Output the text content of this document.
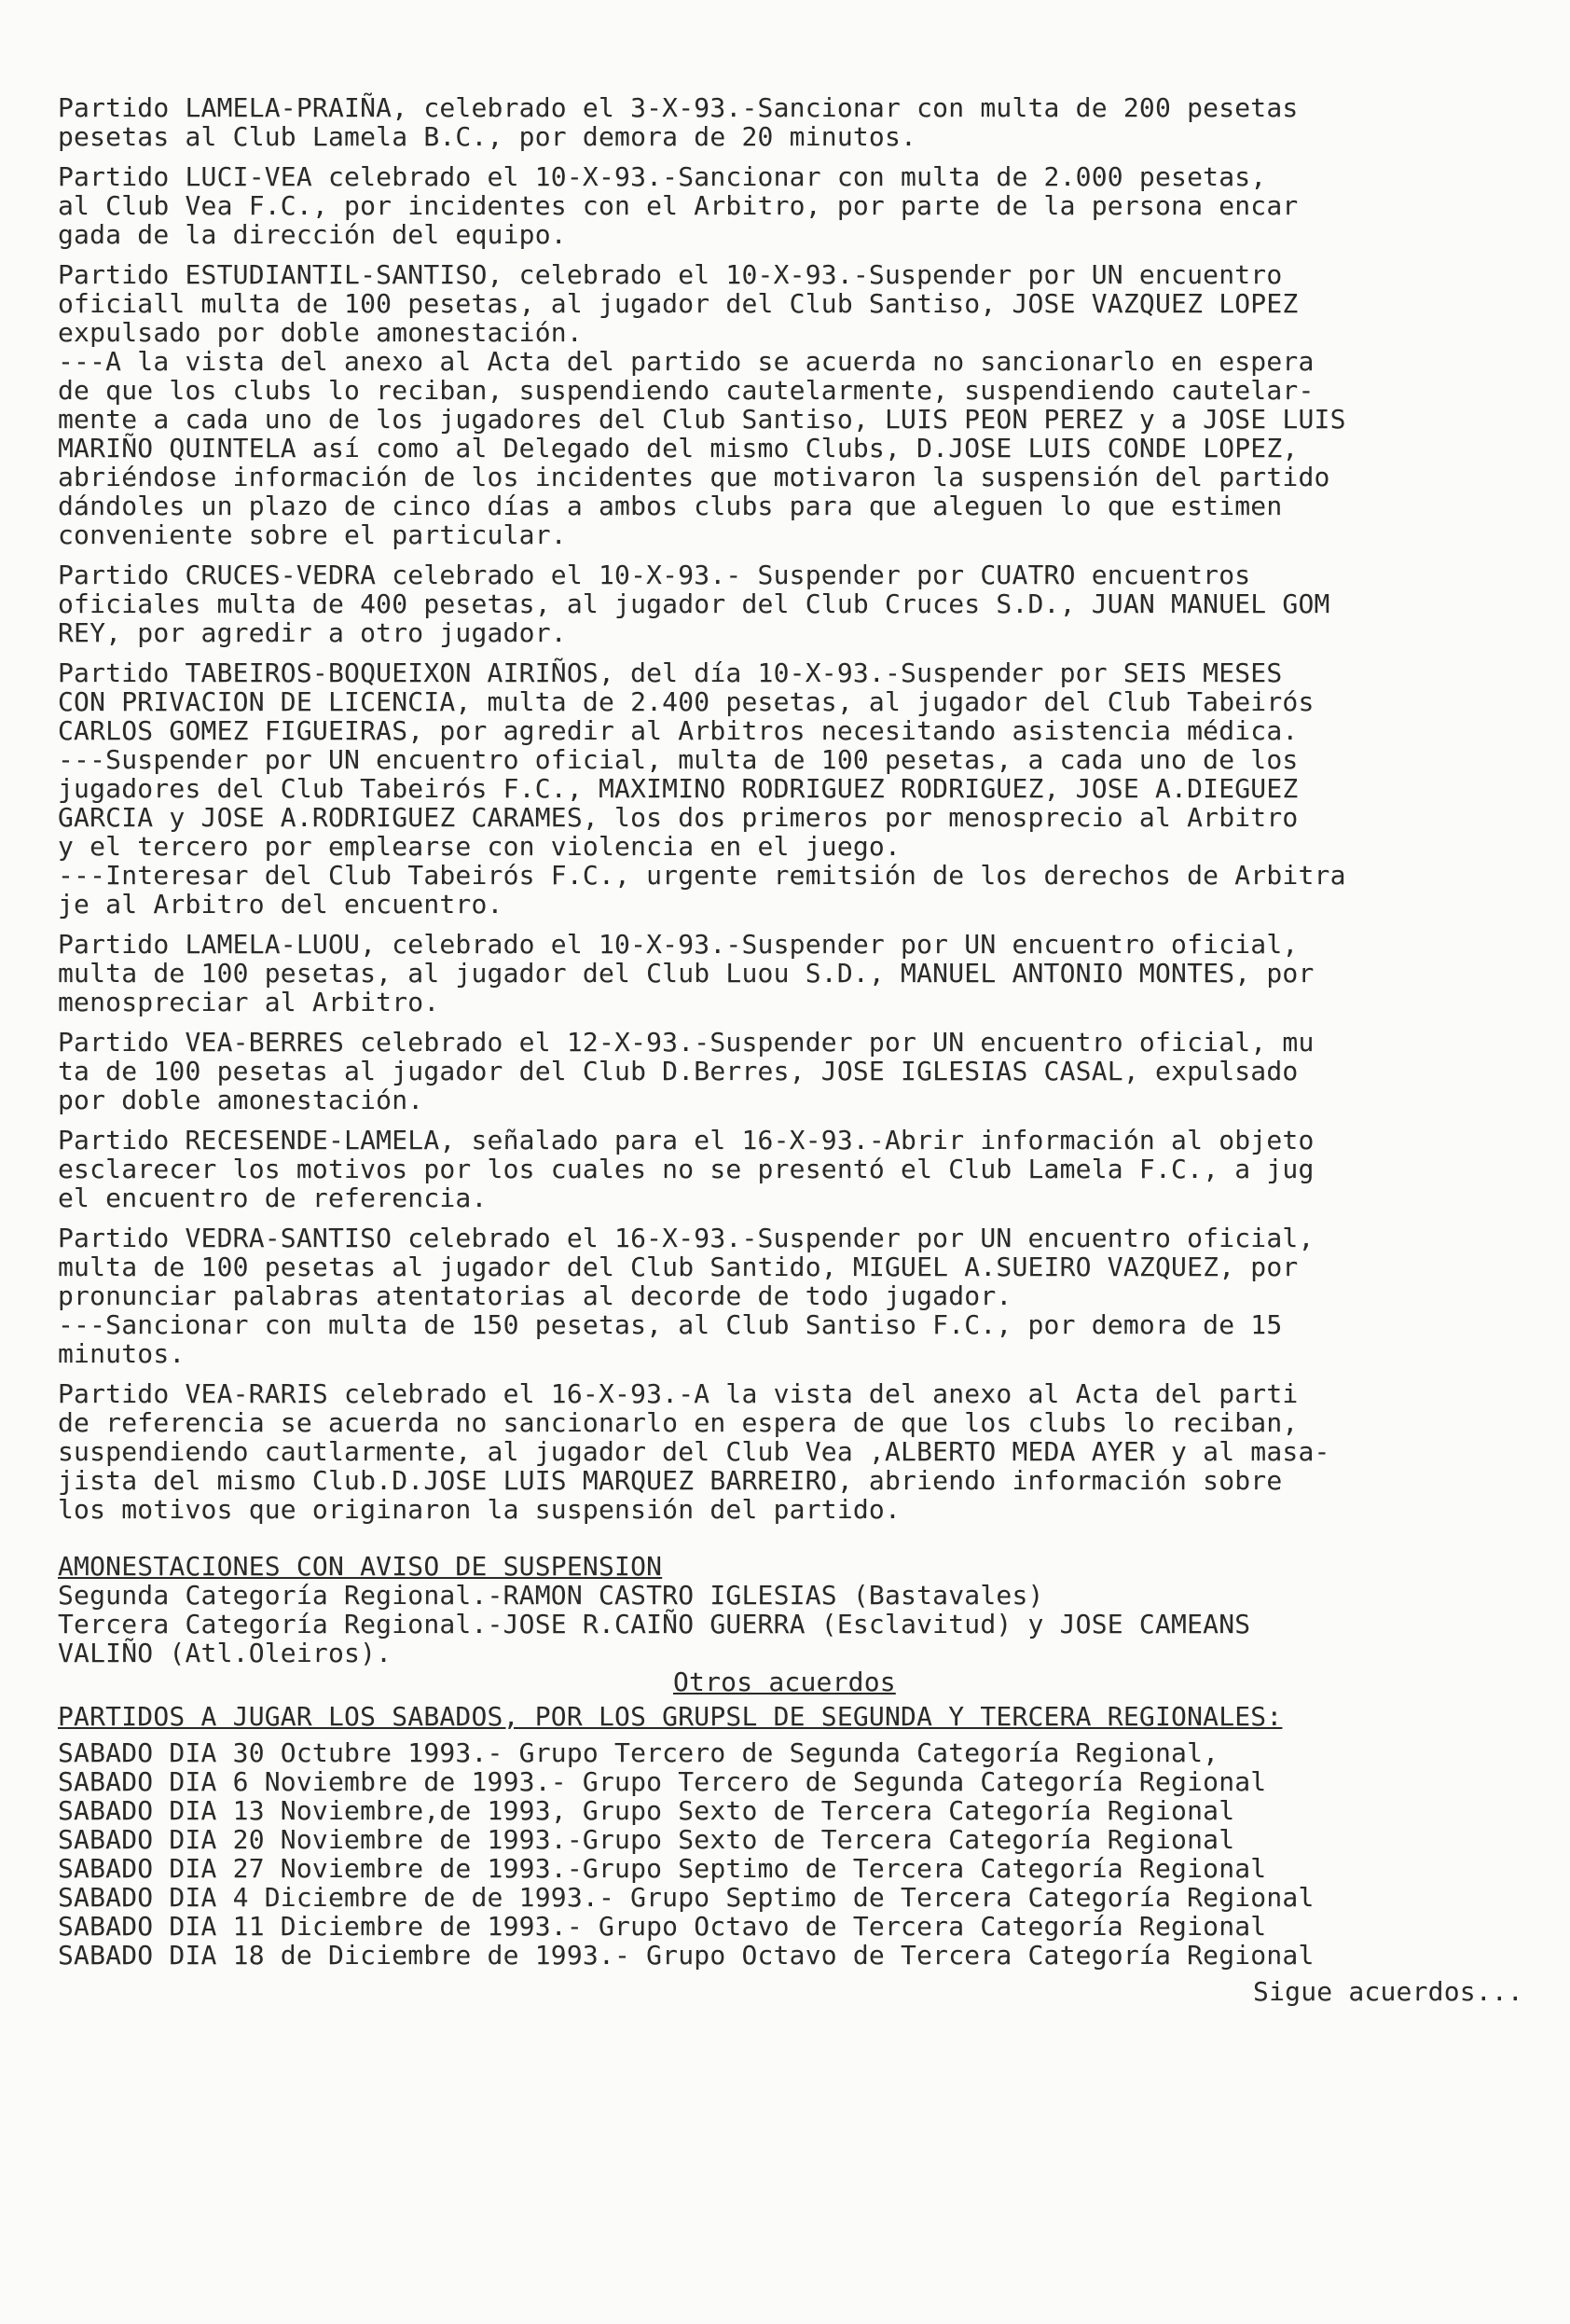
Partido LAMELA-PRAIÑA, celebrado el 3-X-93.-Sancionar con multa de 200 pesetas
pesetas al Club Lamela B.C., por demora de 20 minutos.
Partido LUCI-VEA celebrado el 10-X-93.-Sancionar con multa de 2.000 pesetas,
al Club Vea F.C., por incidentes con el Arbitro, por parte de la persona encar
gada de la dirección del equipo.
Partido ESTUDIANTIL-SANTISO, celebrado el 10-X-93.-Suspender por UN encuentro
oficiall multa de 100 pesetas, al jugador del Club Santiso, JOSE VAZQUEZ LOPEZ
expulsado por doble amonestación.
---A la vista del anexo al Acta del partido se acuerda no sancionarlo en espera
de que los clubs lo reciban, suspendiendo cautelarmente, suspendiendo cautelar-
mente a cada uno de los jugadores del Club Santiso, LUIS PEON PEREZ y a JOSE LUIS
MARIÑO QUINTELA así como al Delegado del mismo Clubs, D.JOSE LUIS CONDE LOPEZ,
abriéndose información de los incidentes que motivaron la suspensión del partido
dándoles un plazo de cinco días a ambos clubs para que aleguen lo que estimen
conveniente sobre el particular.
Partido CRUCES-VEDRA celebrado el 10-X-93.- Suspender por CUATRO encuentros
oficiales multa de 400 pesetas, al jugador del Club Cruces S.D., JUAN MANUEL GOM
REY, por agredir a otro jugador.
Partido TABEIROS-BOQUEIXON AIRIÑOS, del día 10-X-93.-Suspender por SEIS MESES
CON PRIVACION DE LICENCIA, multa de 2.400 pesetas, al jugador del Club Tabeirós
CARLOS GOMEZ FIGUEIRAS, por agredir al Arbitros necesitando asistencia médica.
---Suspender por UN encuentro oficial, multa de 100 pesetas, a cada uno de los
jugadores del Club Tabeirós F.C., MAXIMINO RODRIGUEZ RODRIGUEZ, JOSE A.DIEGUEZ
GARCIA y JOSE A.RODRIGUEZ CARAMES, los dos primeros por menosprecio al Arbitro
y el tercero por emplearse con violencia en el juego.
---Interesar del Club Tabeirós F.C., urgente remitsión de los derechos de Arbitra
je al Arbitro del encuentro.
Partido LAMELA-LUOU, celebrado el 10-X-93.-Suspender por UN encuentro oficial,
multa de 100 pesetas, al jugador del Club Luou S.D., MANUEL ANTONIO MONTES, por
menospreciar al Arbitro.
Partido VEA-BERRES celebrado el 12-X-93.-Suspender por UN encuentro oficial, mu
ta de 100 pesetas al jugador del Club D.Berres, JOSE IGLESIAS CASAL, expulsado
por doble amonestación.
Partido RECESENDE-LAMELA, señalado para el 16-X-93.-Abrir información al objeto
esclarecer los motivos por los cuales no se presentó el Club Lamela F.C., a jug
el encuentro de referencia.
Partido VEDRA-SANTISO celebrado el 16-X-93.-Suspender por UN encuentro oficial,
multa de 100 pesetas al jugador del Club Santido, MIGUEL A.SUEIRO VAZQUEZ, por
pronunciar palabras atentatorias al decorde de todo jugador.
---Sancionar con multa de 150 pesetas, al Club Santiso F.C., por demora de 15
minutos.
Partido VEA-RARIS celebrado el 16-X-93.-A la vista del anexo al Acta del parti
de referencia se acuerda no sancionarlo en espera de que los clubs lo reciban,
suspendiendo cautlarmente, al jugador del Club Vea ,ALBERTO MEDA AYER y al masa-
jista del mismo Club.D.JOSE LUIS MARQUEZ BARREIRO, abriendo información sobre
los motivos que originaron la suspensión del partido.
AMONESTACIONES CON AVISO DE SUSPENSION
Segunda Categoría Regional.-RAMON CASTRO IGLESIAS (Bastavales)
Tercera Categoría Regional.-JOSE R.CAIÑO GUERRA (Esclavitud) y JOSE CAMEANS
VALIÑO (Atl.Oleiros).
Otros acuerdos
PARTIDOS A JUGAR LOS SABADOS, POR LOS GRUPSL DE SEGUNDA Y TERCERA REGIONALES:
SABADO DIA 30 Octubre 1993.- Grupo Tercero de Segunda Categoría Regional,
SABADO DIA 6 Noviembre de 1993.- Grupo Tercero de Segunda Categoría Regional
SABADO DIA 13 Noviembre,de 1993, Grupo Sexto de Tercera Categoría Regional
SABADO DIA 20 Noviembre de 1993.-Grupo Sexto de Tercera Categoría Regional
SABADO DIA 27 Noviembre de 1993.-Grupo Septimo de Tercera Categoría Regional
SABADO DIA 4 Diciembre de de 1993.- Grupo Septimo de Tercera Categoría Regional
SABADO DIA 11 Diciembre de 1993.- Grupo Octavo de Tercera Categoría Regional
SABADO DIA 18 de Diciembre de 1993.- Grupo Octavo de Tercera Categoría Regional
Sigue acuerdos...
